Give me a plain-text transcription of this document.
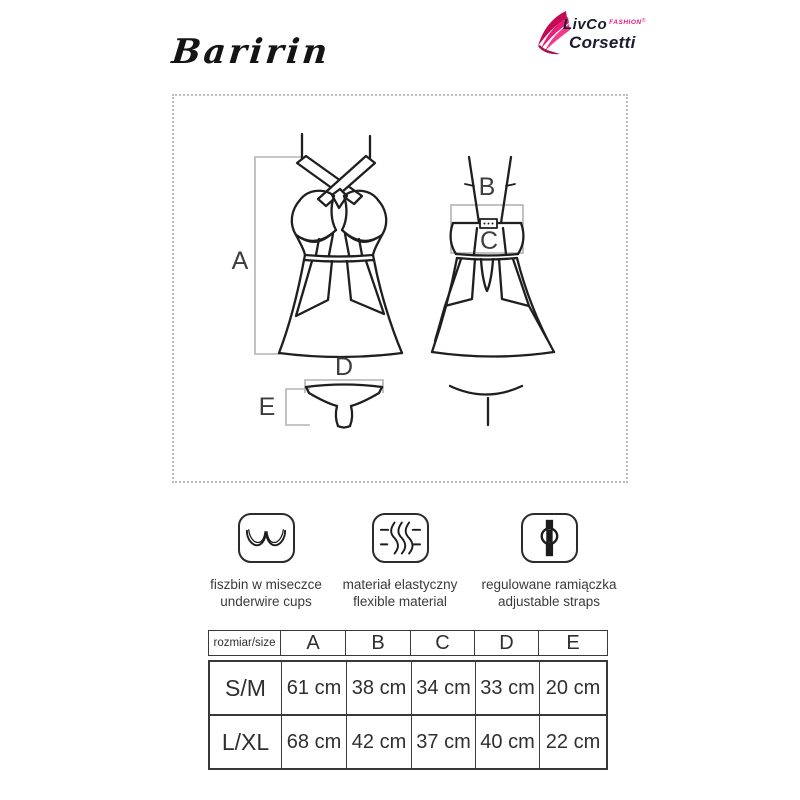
Baririn
LivCo $^{FASHION®}$
Corsetti
A
B
C
D
E
fiszbin w miseczce
underwire cups
materiał elastyczny
flexible material
regulowane ramiączka
adjustable straps
rozmiar/size	A	B	C	D	E
S/M	61 cm 38 cm 34 cm 33 cm 20 cm
L/XL 68 cm 42 cm 37 cm 40 cm 22 cm
